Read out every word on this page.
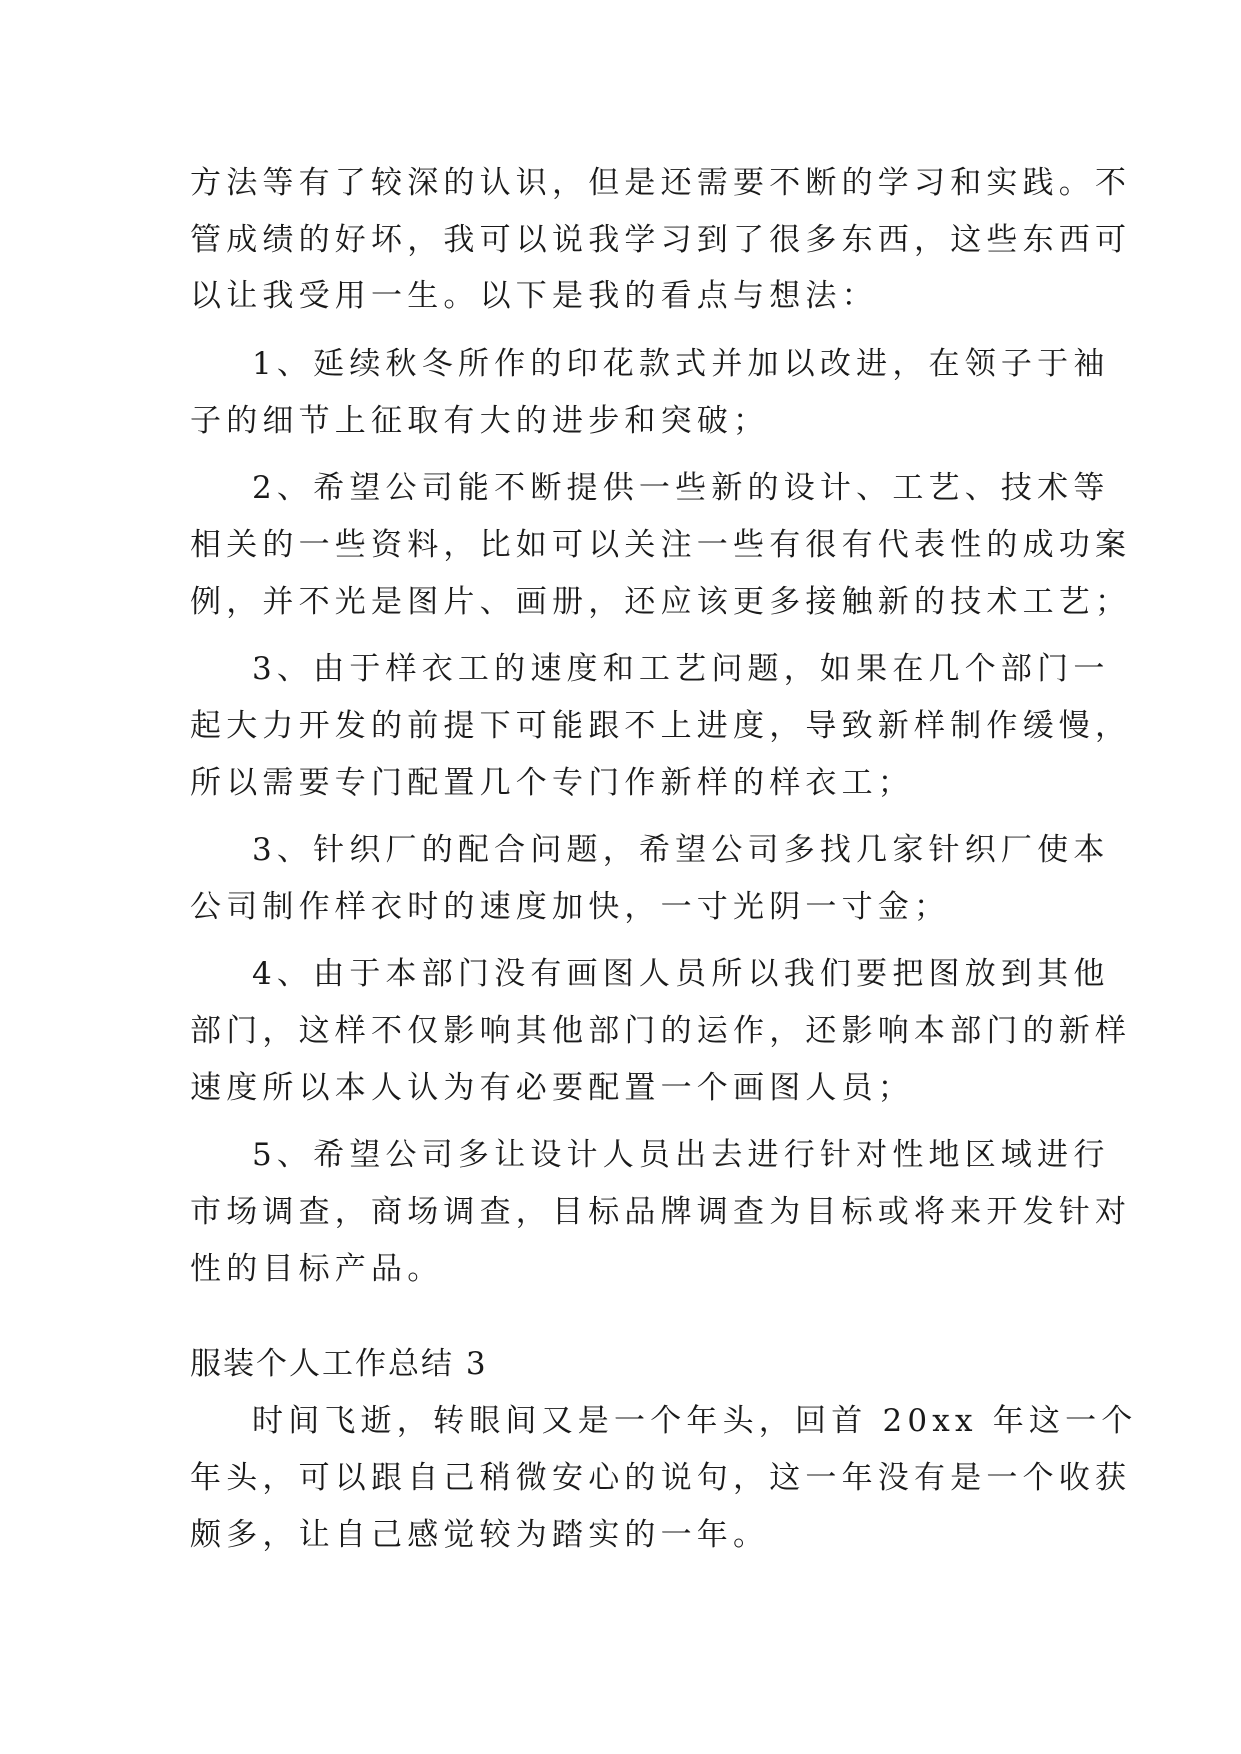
方法等有了较深的认识，但是还需要不断的学习和实践。不
管成绩的好坏，我可以说我学习到了很多东西，这些东西可
以让我受用一生。以下是我的看点与想法：
1、延续秋冬所作的印花款式并加以改进，在领子于袖
子的细节上征取有大的进步和突破；
2、希望公司能不断提供一些新的设计、工艺、技术等
相关的一些资料，比如可以关注一些有很有代表性的成功案
例，并不光是图片、画册，还应该更多接触新的技术工艺；
3、由于样衣工的速度和工艺问题，如果在几个部门一
起大力开发的前提下可能跟不上进度，导致新样制作缓慢，
所以需要专门配置几个专门作新样的样衣工；
3、针织厂的配合问题，希望公司多找几家针织厂使本
公司制作样衣时的速度加快，一寸光阴一寸金；
4、由于本部门没有画图人员所以我们要把图放到其他
部门，这样不仅影响其他部门的运作，还影响本部门的新样
速度所以本人认为有必要配置一个画图人员；
5、希望公司多让设计人员出去进行针对性地区域进行
市场调查，商场调查，目标品牌调查为目标或将来开发针对
性的目标产品。
服装个人工作总结 3
时间飞逝，转眼间又是一个年头，回首 20xx 年这一个
年头，可以跟自己稍微安心的说句，这一年没有是一个收获
颇多，让自己感觉较为踏实的一年。
